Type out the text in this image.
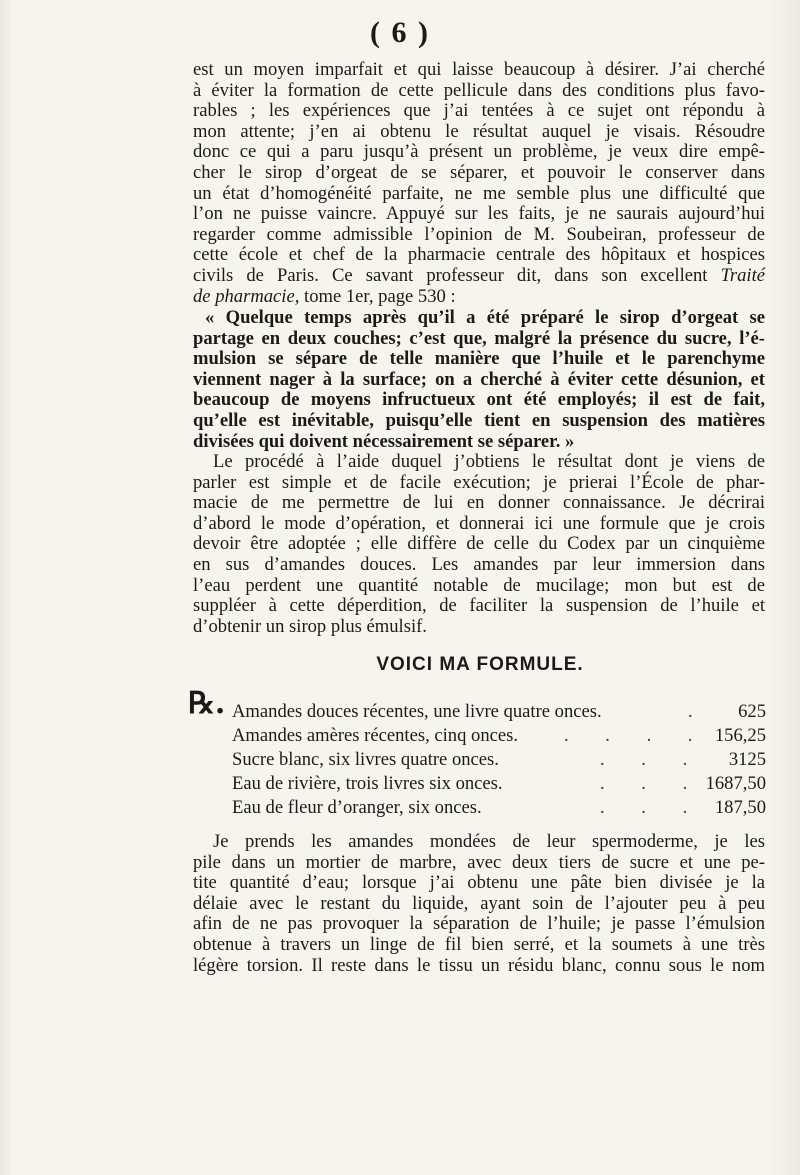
( 6 )

est un moyen imparfait et qui laisse beaucoup à désirer. J’ai cherché
à éviter la formation de cette pellicule dans des conditions plus favo-
rables ; les expériences que j’ai tentées à ce sujet ont répondu à
mon attente; j’en ai obtenu le résultat auquel je visais. Résoudre
donc ce qui a paru jusqu’à présent un problème, je veux dire empê-
cher le sirop d’orgeat de se séparer, et pouvoir le conserver dans
un état d’homogénéité parfaite, ne me semble plus une difficulté que
l’on ne puisse vaincre. Appuyé sur les faits, je ne saurais aujourd’hui
regarder comme admissible l’opinion de M. Soubeiran, professeur de
cette école et chef de la pharmacie centrale des hôpitaux et hospices
civils de Paris. Ce savant professeur dit, dans son excellent Traité
de pharmacie, tome 1er, page 530 :

« Quelque temps après qu’il a été préparé le sirop d’orgeat se
partage en deux couches; c’est que, malgré la présence du sucre, l’é-
mulsion se sépare de telle manière que l’huile et le parenchyme
viennent nager à la surface; on a cherché à éviter cette désunion, et
beaucoup de moyens infructueux ont été employés; il est de fait,
qu’elle est inévitable, puisqu’elle tient en suspension des matières
divisées qui doivent nécessairement se séparer. »

Le procédé à l’aide duquel j’obtiens le résultat dont je viens de
parler est simple et de facile exécution; je prierai l’École de phar-
macie de me permettre de lui en donner connaissance. Je décrirai
d’abord le mode d’opération, et donnerai ici une formule que je crois
devoir être adoptée ; elle diffère de celle du Codex par un cinquième
en sus d’amandes douces. Les amandes par leur immersion dans
l’eau perdent une quantité notable de mucilage; mon but est de
suppléer à cette déperdition, de faciliter la suspension de l’huile et
d’obtenir un sirop plus émulsif.

VOICI MA FORMULE.
℞. Amandes douces récentes, une livre quatre onces.	. 625
Amandes amères récentes, cinq onces. . . . . 156,25
Sucre blanc, six livres quatre onces.	. . . 3125
Eau de rivière, trois livres six onces.	. . . 1687,50
Eau de fleur d’oranger, six onces.	. . . 187,50

Je prends les amandes mondées de leur spermoderme, je les
pile dans un mortier de marbre, avec deux tiers de sucre et une pe-
tite quantité d’eau; lorsque j’ai obtenu une pâte bien divisée je la
délaie avec le restant du liquide, ayant soin de l’ajouter peu à peu
afin de ne pas provoquer la séparation de l’huile; je passe l’émulsion
obtenue à travers un linge de fil bien serré, et la soumets à une très
légère torsion. Il reste dans le tissu un résidu blanc, connu sous le nom
